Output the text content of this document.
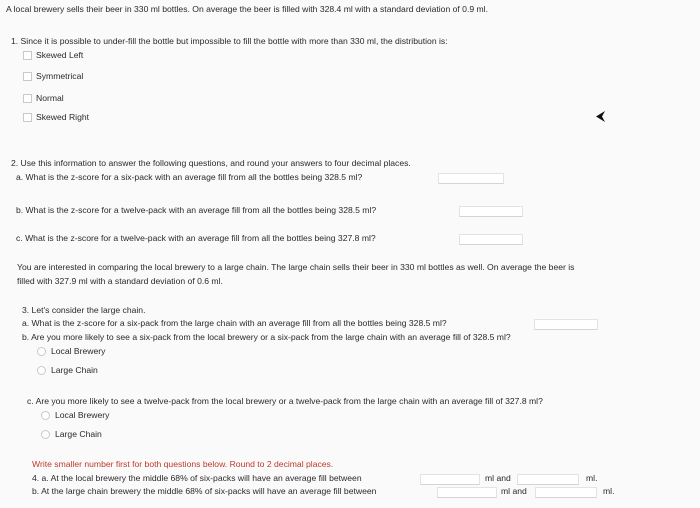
A local brewery sells their beer in 330 ml bottles. On average the beer is filled with 328.4 ml with a standard deviation of 0.9 ml.
1. Since it is possible to under-fill the bottle but impossible to fill the bottle with more than 330 ml, the distribution is:
Skewed Left
Symmetrical
Normal
Skewed Right
2. Use this information to answer the following questions, and round your answers to four decimal places.
a. What is the z-score for a six-pack with an average fill from all the bottles being 328.5 ml?
b. What is the z-score for a twelve-pack with an average fill from all the bottles being 328.5 ml?
c. What is the z-score for a twelve-pack with an average fill from all the bottles being 327.8 ml?
You are interested in comparing the local brewery to a large chain. The large chain sells their beer in 330 ml bottles as well. On average the beer is
filled with 327.9 ml with a standard deviation of 0.6 ml.
3. Let's consider the large chain.
a. What is the z-score for a six-pack from the large chain with an average fill from all the bottles being 328.5 ml?
b. Are you more likely to see a six-pack from the local brewery or a six-pack from the large chain with an average fill of 328.5 ml?
Local Brewery
Large Chain
c. Are you more likely to see a twelve-pack from the local brewery or a twelve-pack from the large chain with an average fill of 327.8 ml?
Local Brewery
Large Chain
Write smaller number first for both questions below. Round to 2 decimal places.
4. a. At the local brewery the middle 68% of six-packs will have an average fill between	ml and	ml.
b. At the large chain brewery the middle 68% of six-packs will have an average fill between	ml and	ml.
